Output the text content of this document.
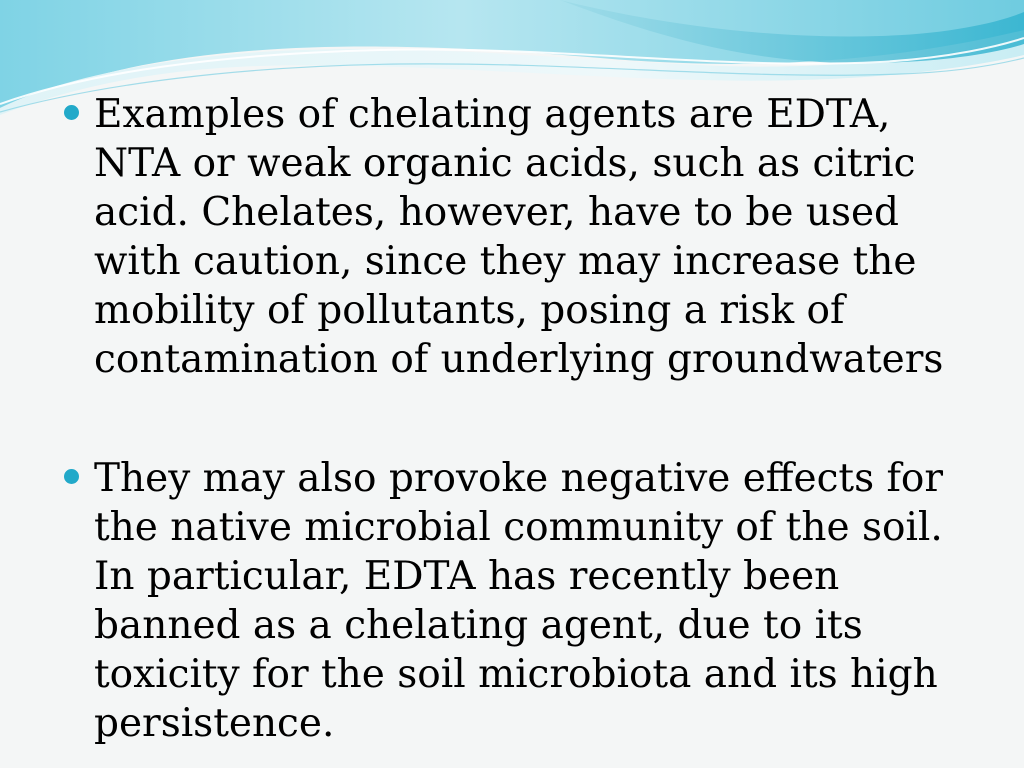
Examples of chelating agents are EDTA,
NTA or weak organic acids, such as citric
acid. Chelates, however, have to be used
with caution, since they may increase the
mobility of pollutants, posing a risk of
contamination of underlying groundwaters
They may also provoke negative effects for
the native microbial community of the soil.
In particular, EDTA has recently been
banned as a chelating agent, due to its
toxicity for the soil microbiota and its high
persistence.
